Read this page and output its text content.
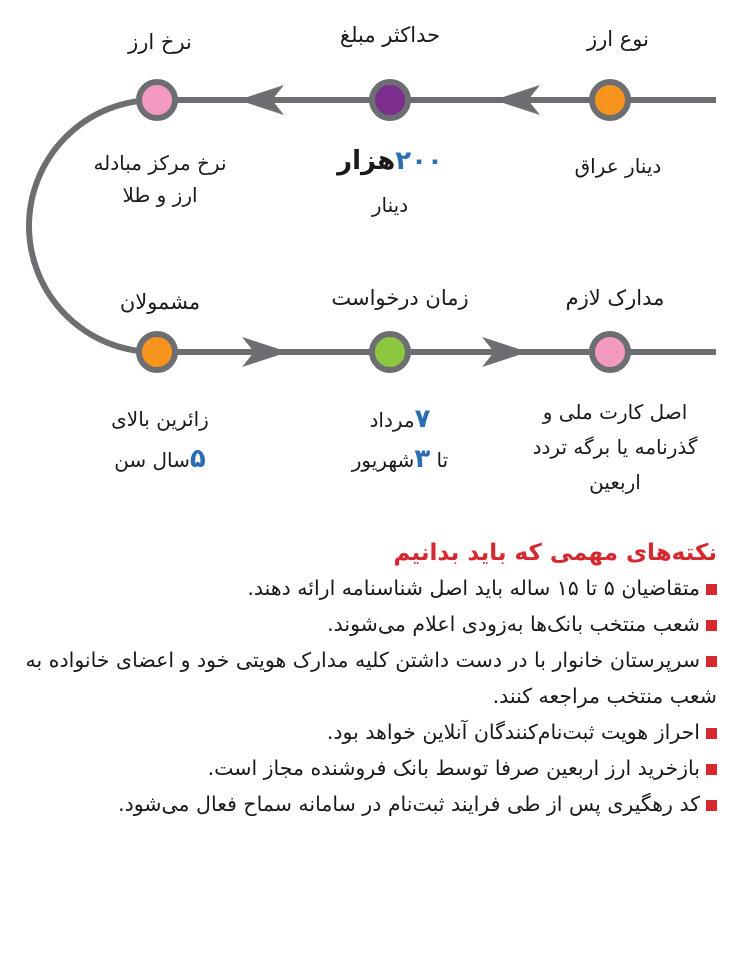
نوع ارز
دینار عراق
حداکثر مبلغ
۲۰۰هزار
دینار
نرخ ارز
نرخ مرکز مبادله
ارز و طلا
مدارک لازم
اصل کارت ملی و
گذرنامه یا برگه تردد
اربعین
زمان درخواست
۷مرداد
تا ۳شهریور
مشمولان
زائرین بالای
۵سال سن
نکته‌های مهمی که باید بدانیم

متقاضیان ۵ تا ۱۵ ساله باید اصل شناسنامه ارائه دهند.

شعب منتخب بانک‌ها به‌زودی اعلام می‌شوند.

سرپرستان خانوار با در دست داشتن کلیه مدارک هویتی خود و اعضای خانواده به شعب منتخب مراجعه کنند.

احراز هویت ثبت‌نام‌کنندگان آنلاین خواهد بود.

بازخرید ارز اربعین صرفا توسط بانک فروشنده مجاز است.

کد رهگیری پس از طی فرایند ثبت‌نام در سامانه سماح فعال می‌شود.
